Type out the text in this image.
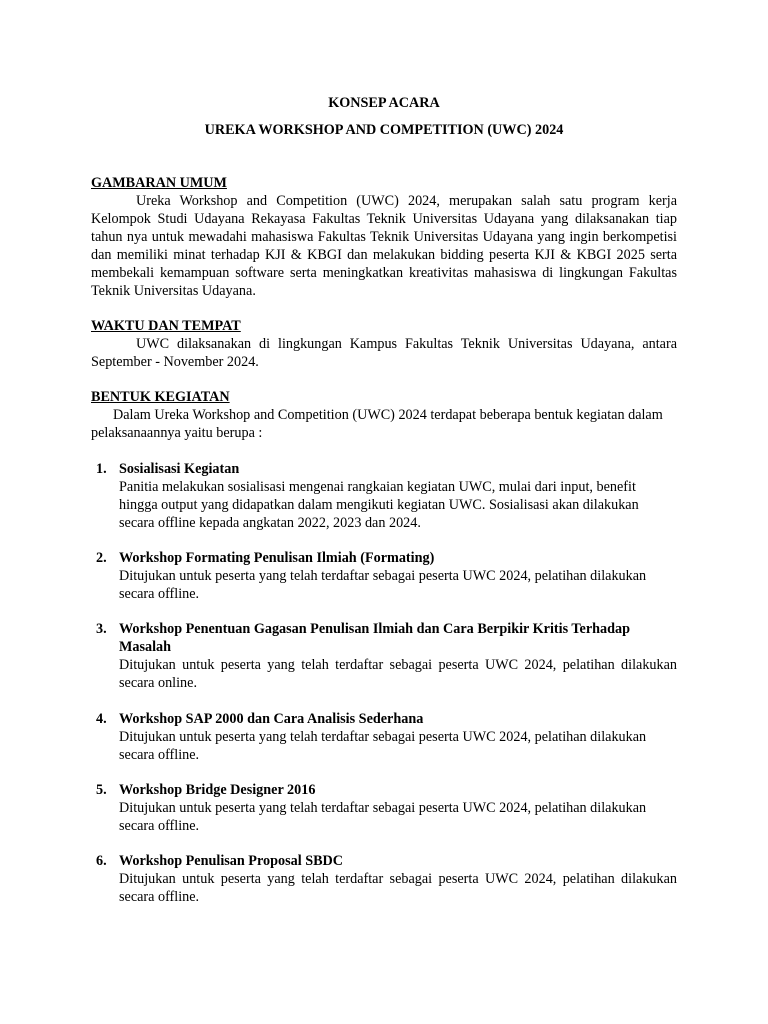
KONSEP ACARA
UREKA WORKSHOP AND COMPETITION (UWC) 2024
GAMBARAN UMUM
Ureka Workshop and Competition (UWC) 2024, merupakan salah satu program kerja Kelompok Studi Udayana Rekayasa Fakultas Teknik Universitas Udayana yang dilaksanakan tiap tahun nya untuk mewadahi mahasiswa Fakultas Teknik Universitas Udayana yang ingin berkompetisi dan memiliki minat terhadap KJI & KBGI dan melakukan bidding peserta KJI & KBGI 2025 serta membekali kemampuan software serta meningkatkan kreativitas mahasiswa di lingkungan Fakultas Teknik Universitas Udayana.
WAKTU DAN TEMPAT
UWC dilaksanakan di lingkungan Kampus Fakultas Teknik Universitas Udayana, antara September - November 2024.
BENTUK KEGIATAN
Dalam Ureka Workshop and Competition (UWC) 2024 terdapat beberapa bentuk kegiatan dalam pelaksanaannya yaitu berupa :
1. Sosialisasi Kegiatan
Panitia melakukan sosialisasi mengenai rangkaian kegiatan UWC, mulai dari input, benefit hingga output yang didapatkan dalam mengikuti kegiatan UWC. Sosialisasi akan dilakukan secara offline kepada angkatan 2022, 2023 dan 2024.
2. Workshop Formating Penulisan Ilmiah (Formating)
Ditujukan untuk peserta yang telah terdaftar sebagai peserta UWC 2024, pelatihan dilakukan secara offline.
3. Workshop Penentuan Gagasan Penulisan Ilmiah dan Cara Berpikir Kritis Terhadap Masalah
Ditujukan untuk peserta yang telah terdaftar sebagai peserta UWC 2024, pelatihan dilakukan secara online.
4. Workshop SAP 2000 dan Cara Analisis Sederhana
Ditujukan untuk peserta yang telah terdaftar sebagai peserta UWC 2024, pelatihan dilakukan secara offline.
5. Workshop Bridge Designer 2016
Ditujukan untuk peserta yang telah terdaftar sebagai peserta UWC 2024, pelatihan dilakukan secara offline.
6. Workshop Penulisan Proposal SBDC
Ditujukan untuk peserta yang telah terdaftar sebagai peserta UWC 2024, pelatihan dilakukan secara offline.
